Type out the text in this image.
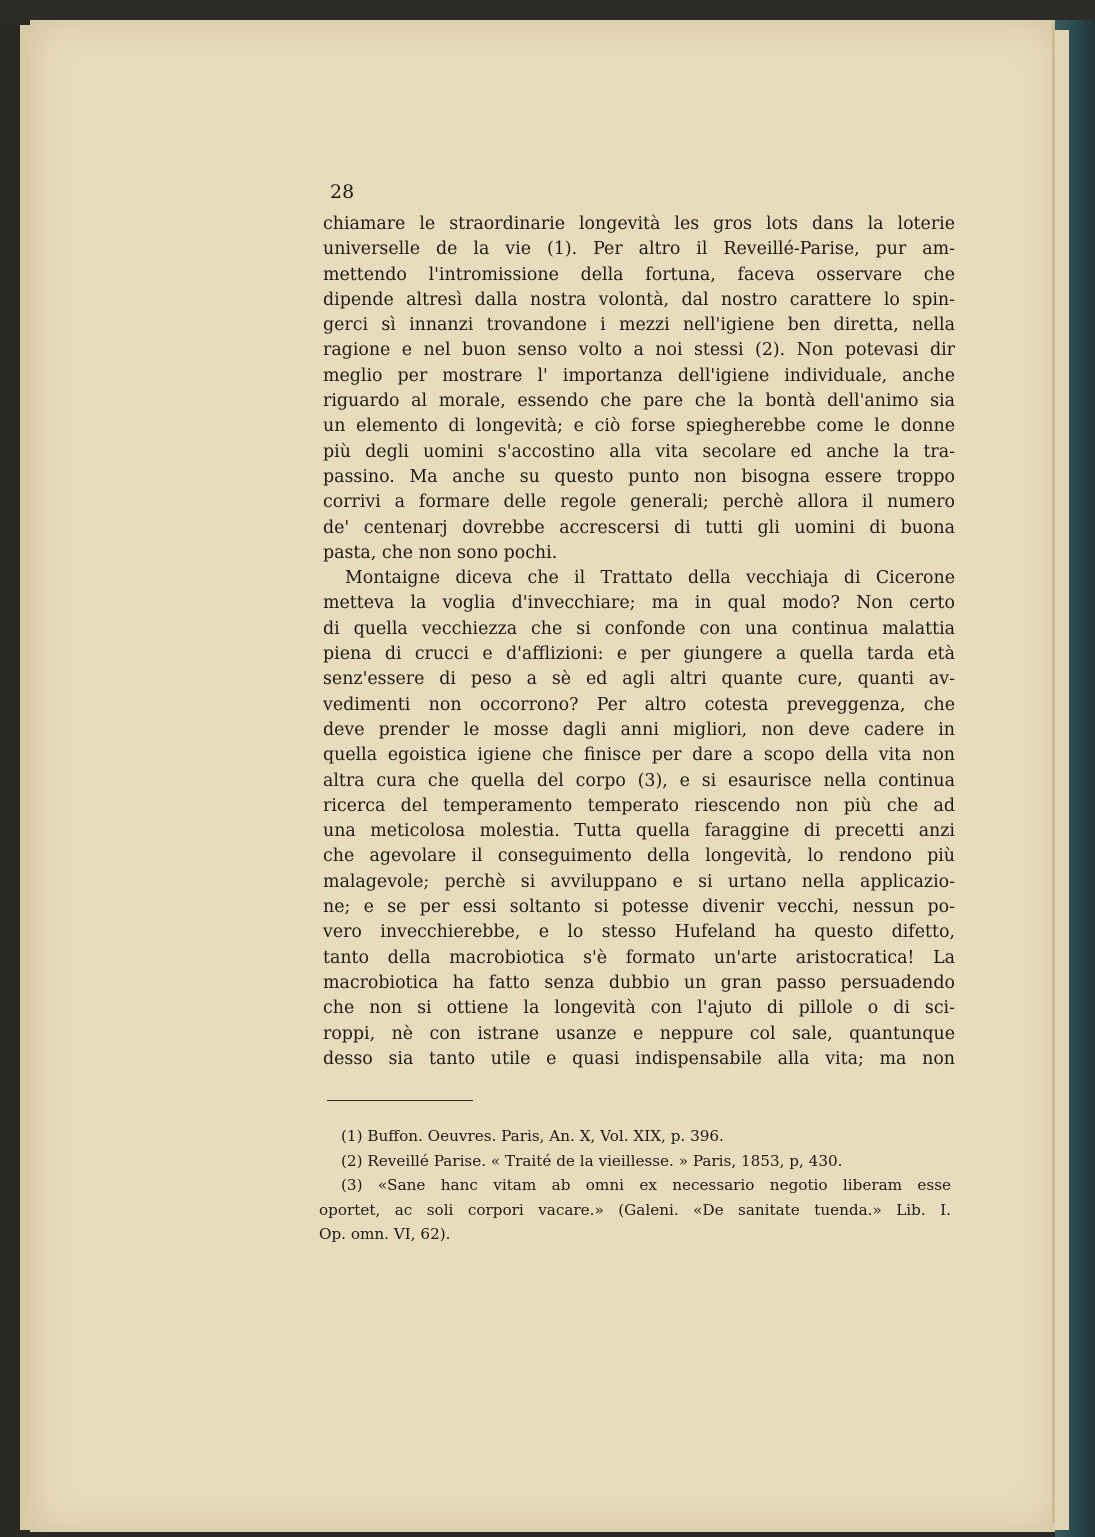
28
chiamare le straordinarie longevità les gros lots dans la loterie
universelle de la vie (1). Per altro il Reveillé-Parise, pur am-
mettendo l'intromissione della fortuna, faceva osservare che
dipende altresì dalla nostra volontà, dal nostro carattere lo spin-
gerci sì innanzi trovandone i mezzi nell'igiene ben diretta, nella
ragione e nel buon senso volto a noi stessi (2). Non potevasi dir
meglio per mostrare l' importanza dell'igiene individuale, anche
riguardo al morale, essendo che pare che la bontà dell'animo sia
un elemento di longevità; e ciò forse spiegherebbe come le donne
più degli uomini s'accostino alla vita secolare ed anche la tra-
passino. Ma anche su questo punto non bisogna essere troppo
corrivi a formare delle regole generali; perchè allora il numero
de' centenarj dovrebbe accrescersi di tutti gli uomini di buona
pasta, che non sono pochi.
Montaigne diceva che il Trattato della vecchiaja di Cicerone
metteva la voglia d'invecchiare; ma in qual modo? Non certo
di quella vecchiezza che si confonde con una continua malattia
piena di crucci e d'afflizioni: e per giungere a quella tarda età
senz'essere di peso a sè ed agli altri quante cure, quanti av-
vedimenti non occorrono? Per altro cotesta preveggenza, che
deve prender le mosse dagli anni migliori, non deve cadere in
quella egoistica igiene che finisce per dare a scopo della vita non
altra cura che quella del corpo (3), e si esaurisce nella continua
ricerca del temperamento temperato riescendo non più che ad
una meticolosa molestia. Tutta quella faraggine di precetti anzi
che agevolare il conseguimento della longevità, lo rendono più
malagevole; perchè si avviluppano e si urtano nella applicazio-
ne; e se per essi soltanto si potesse divenir vecchi, nessun po-
vero invecchierebbe, e lo stesso Hufeland ha questo difetto,
tanto della macrobiotica s'è formato un'arte aristocratica! La
macrobiotica ha fatto senza dubbio un gran passo persuadendo
che non si ottiene la longevità con l'ajuto di pillole o di sci-
roppi, nè con istrane usanze e neppure col sale, quantunque
desso sia tanto utile e quasi indispensabile alla vita; ma non
(1) Buffon. Oeuvres. Paris, An. X, Vol. XIX, p. 396.
(2) Reveillé Parise. « Traité de la vieillesse. » Paris, 1853, p, 430.
(3) «Sane hanc vitam ab omni ex necessario negotio liberam esse
oportet, ac soli corpori vacare.» (Galeni. «De sanitate tuenda.» Lib. I.
Op. omn. VI, 62).
